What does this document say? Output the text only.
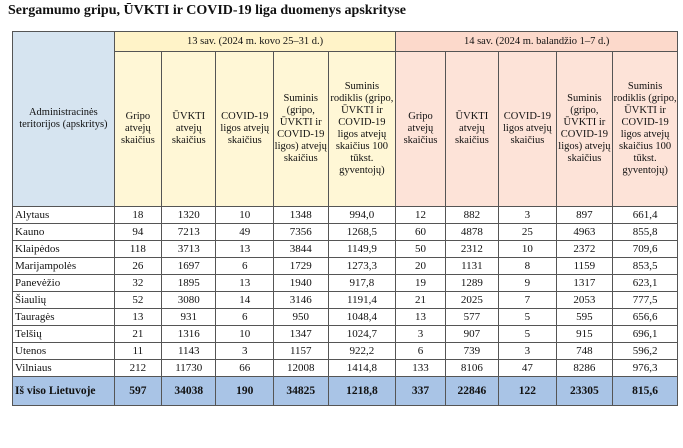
Sergamumo gripu, ŪVKTI ir COVID-19 liga duomenys apskrityse
Administracinės teritorijos (apskritys)	13 sav. (2024 m. kovo 25–31 d.)					14 sav. (2024 m. balandžio 1–7 d.)				
	Gripo atvejų skaičius	ŪVKTI atvejų skaičius	COVID-19 ligos atvejų skaičius	Suminis (gripo, ŪVKTI ir COVID-19 ligos) atvejų skaičius	Suminis rodiklis (gripo, ŪVKTI ir COVID-19 ligos atvejų skaičius 100 tūkst. gyventojų)	Gripo atvejų skaičius	ŪVKTI atvejų skaičius	COVID-19 ligos atvejų skaičius	Suminis (gripo, ŪVKTI ir COVID-19 ligos) atvejų skaičius	Suminis rodiklis (gripo, ŪVKTI ir COVID-19 ligos atvejų skaičius 100 tūkst. gyventojų)
Alytaus	18	1320	10	1348	994,0	12	882	3	897	661,4
Kauno	94	7213	49	7356	1268,5	60	4878	25	4963	855,8
Klaipėdos	118	3713	13	3844	1149,9	50	2312	10	2372	709,6
Marijampolės	26	1697	6	1729	1273,3	20	1131	8	1159	853,5
Panevėžio	32	1895	13	1940	917,8	19	1289	9	1317	623,1
Šiaulių	52	3080	14	3146	1191,4	21	2025	7	2053	777,5
Tauragės	13	931	6	950	1048,4	13	577	5	595	656,6
Telšių	21	1316	10	1347	1024,7	3	907	5	915	696,1
Utenos	11	1143	3	1157	922,2	6	739	3	748	596,2
Vilniaus	212	11730	66	12008	1414,8	133	8106	47	8286	976,3
Iš viso Lietuvoje	597	34038	190	34825	1218,8	337	22846	122	23305	815,6
